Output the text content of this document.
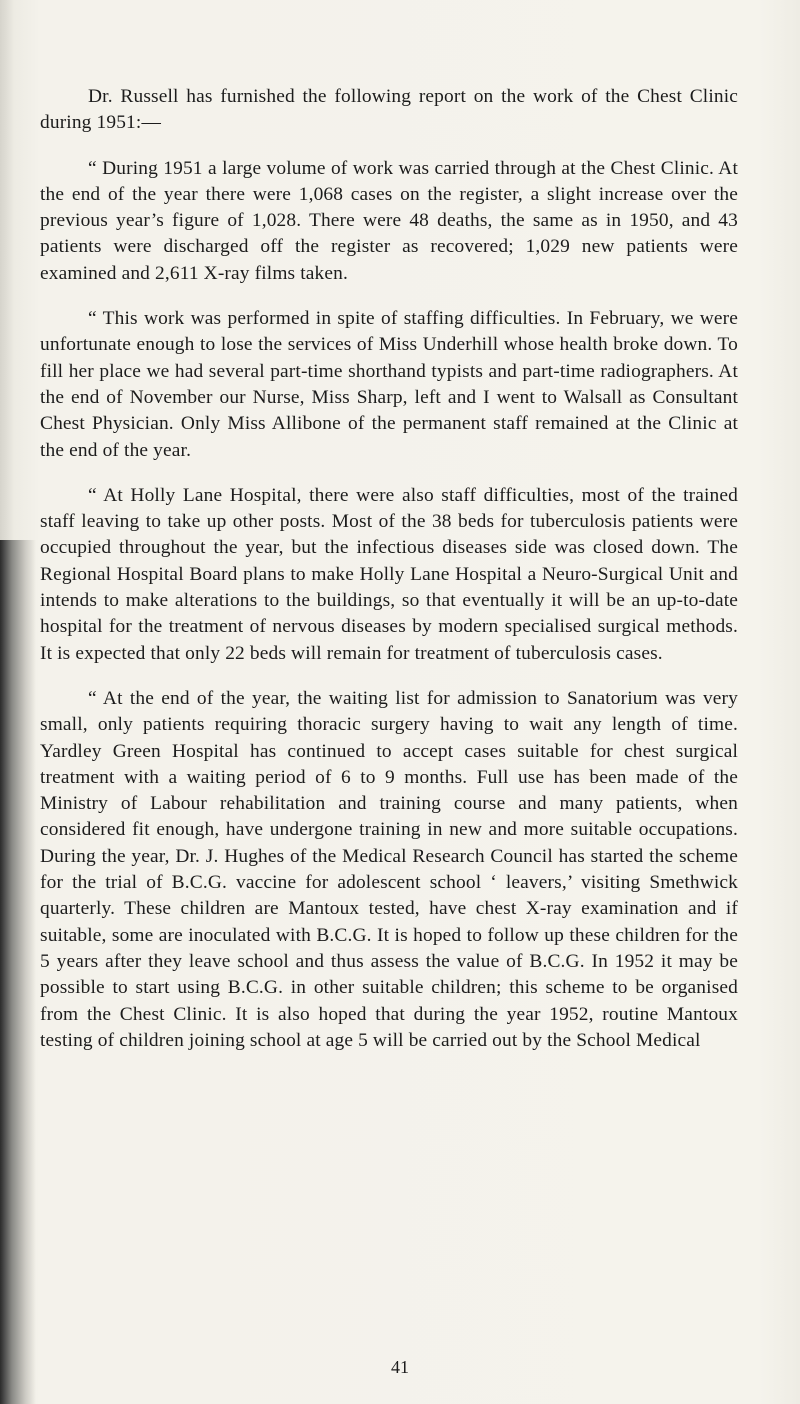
Dr. Russell has furnished the following report on the work of the Chest Clinic during 1951:—

“ During 1951 a large volume of work was carried through at the Chest Clinic. At the end of the year there were 1,068 cases on the register, a slight increase over the previous year’s figure of 1,028. There were 48 deaths, the same as in 1950, and 43 patients were discharged off the register as recovered; 1,029 new patients were examined and 2,611 X-ray films taken.

“ This work was performed in spite of staffing difficulties. In February, we were unfortunate enough to lose the services of Miss Underhill whose health broke down. To fill her place we had several part-time shorthand typists and part-time radiographers. At the end of November our Nurse, Miss Sharp, left and I went to Walsall as Consultant Chest Physician. Only Miss Allibone of the permanent staff remained at the Clinic at the end of the year.

“ At Holly Lane Hospital, there were also staff difficulties, most of the trained staff leaving to take up other posts. Most of the 38 beds for tuberculosis patients were occupied throughout the year, but the infectious diseases side was closed down. The Regional Hospital Board plans to make Holly Lane Hospital a Neuro-Surgical Unit and intends to make alterations to the buildings, so that eventually it will be an up-to-date hospital for the treatment of nervous diseases by modern specialised surgical methods. It is expected that only 22 beds will remain for treatment of tuberculosis cases.

“ At the end of the year, the waiting list for admission to Sanatorium was very small, only patients requiring thoracic surgery having to wait any length of time. Yardley Green Hospital has continued to accept cases suitable for chest surgical treatment with a waiting period of 6 to 9 months. Full use has been made of the Ministry of Labour rehabilitation and training course and many patients, when considered fit enough, have undergone training in new and more suitable occupations. During the year, Dr. J. Hughes of the Medical Research Council has started the scheme for the trial of B.C.G. vaccine for adolescent school ‘ leavers,’ visiting Smethwick quarterly. These children are Mantoux tested, have chest X-ray examination and if suitable, some are inoculated with B.C.G. It is hoped to follow up these children for the 5 years after they leave school and thus assess the value of B.C.G. In 1952 it may be possible to start using B.C.G. in other suitable children; this scheme to be organised from the Chest Clinic. It is also hoped that during the year 1952, routine Mantoux testing of children joining school at age 5 will be carried out by the School Medical

41
